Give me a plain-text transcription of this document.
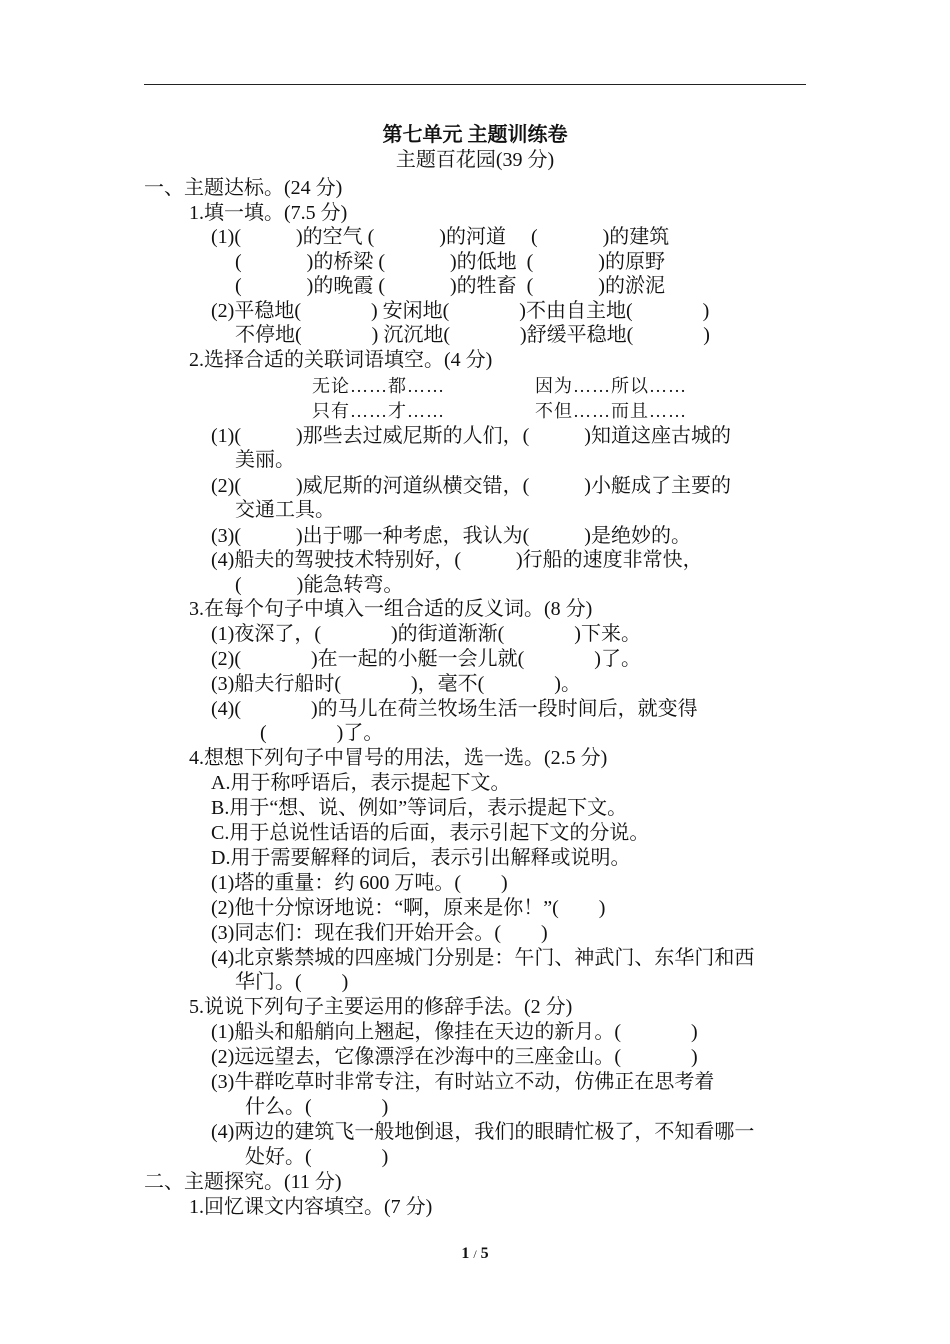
第七单元 主题训练卷
主题百花园(39 分)
一、主题达标。(24 分)
1.填一填。(7.5 分)
(1)(           )的空气 (             )的河道     (             )的建筑
(             )的桥梁 (             )的低地  (             )的原野
(             )的晚霞 (             )的牲畜  (             )的淤泥
(2)平稳地(              ) 安闲地(              )不由自主地(              )
不停地(              ) 沉沉地(              )舒缓平稳地(              )
2.选择合适的关联词语填空。(4 分)
无论……都……	因为……所以……
只有……才……	不但……而且……
(1)(           )那些去过威尼斯的人们，(           )知道这座古城的
美丽。
(2)(           )威尼斯的河道纵横交错，(           )小艇成了主要的
交通工具。
(3)(           )出于哪一种考虑，我认为(           )是绝妙的。
(4)船夫的驾驶技术特别好，(           )行船的速度非常快，
(           )能急转弯。
3.在每个句子中填入一组合适的反义词。(8 分)
(1)夜深了，(              )的街道渐渐(              )下来。
(2)(              )在一起的小艇一会儿就(              )了。
(3)船夫行船时(              )，毫不(              )。
(4)(              )的马儿在荷兰牧场生活一段时间后，就变得
(              )了。
4.想想下列句子中冒号的用法，选一选。(2.5 分)
A.用于称呼语后，表示提起下文。
B.用于“想、说、例如”等词后，表示提起下文。
C.用于总说性话语的后面，表示引起下文的分说。
D.用于需要解释的词后，表示引出解释或说明。
(1)塔的重量：约 600 万吨。(        )
(2)他十分惊讶地说：“啊，原来是你！”(        )
(3)同志们：现在我们开始开会。(        )
(4)北京紫禁城的四座城门分别是：午门、神武门、东华门和西
华门。(        )
5.说说下列句子主要运用的修辞手法。(2 分)
(1)船头和船艄向上翘起，像挂在天边的新月。(              )
(2)远远望去，它像漂浮在沙海中的三座金山。(              )
(3)牛群吃草时非常专注，有时站立不动，仿佛正在思考着
什么。(              )
(4)两边的建筑飞一般地倒退，我们的眼睛忙极了，不知看哪一
处好。(              )
二、主题探究。(11 分)
1.回忆课文内容填空。(7 分)
1 / 5
